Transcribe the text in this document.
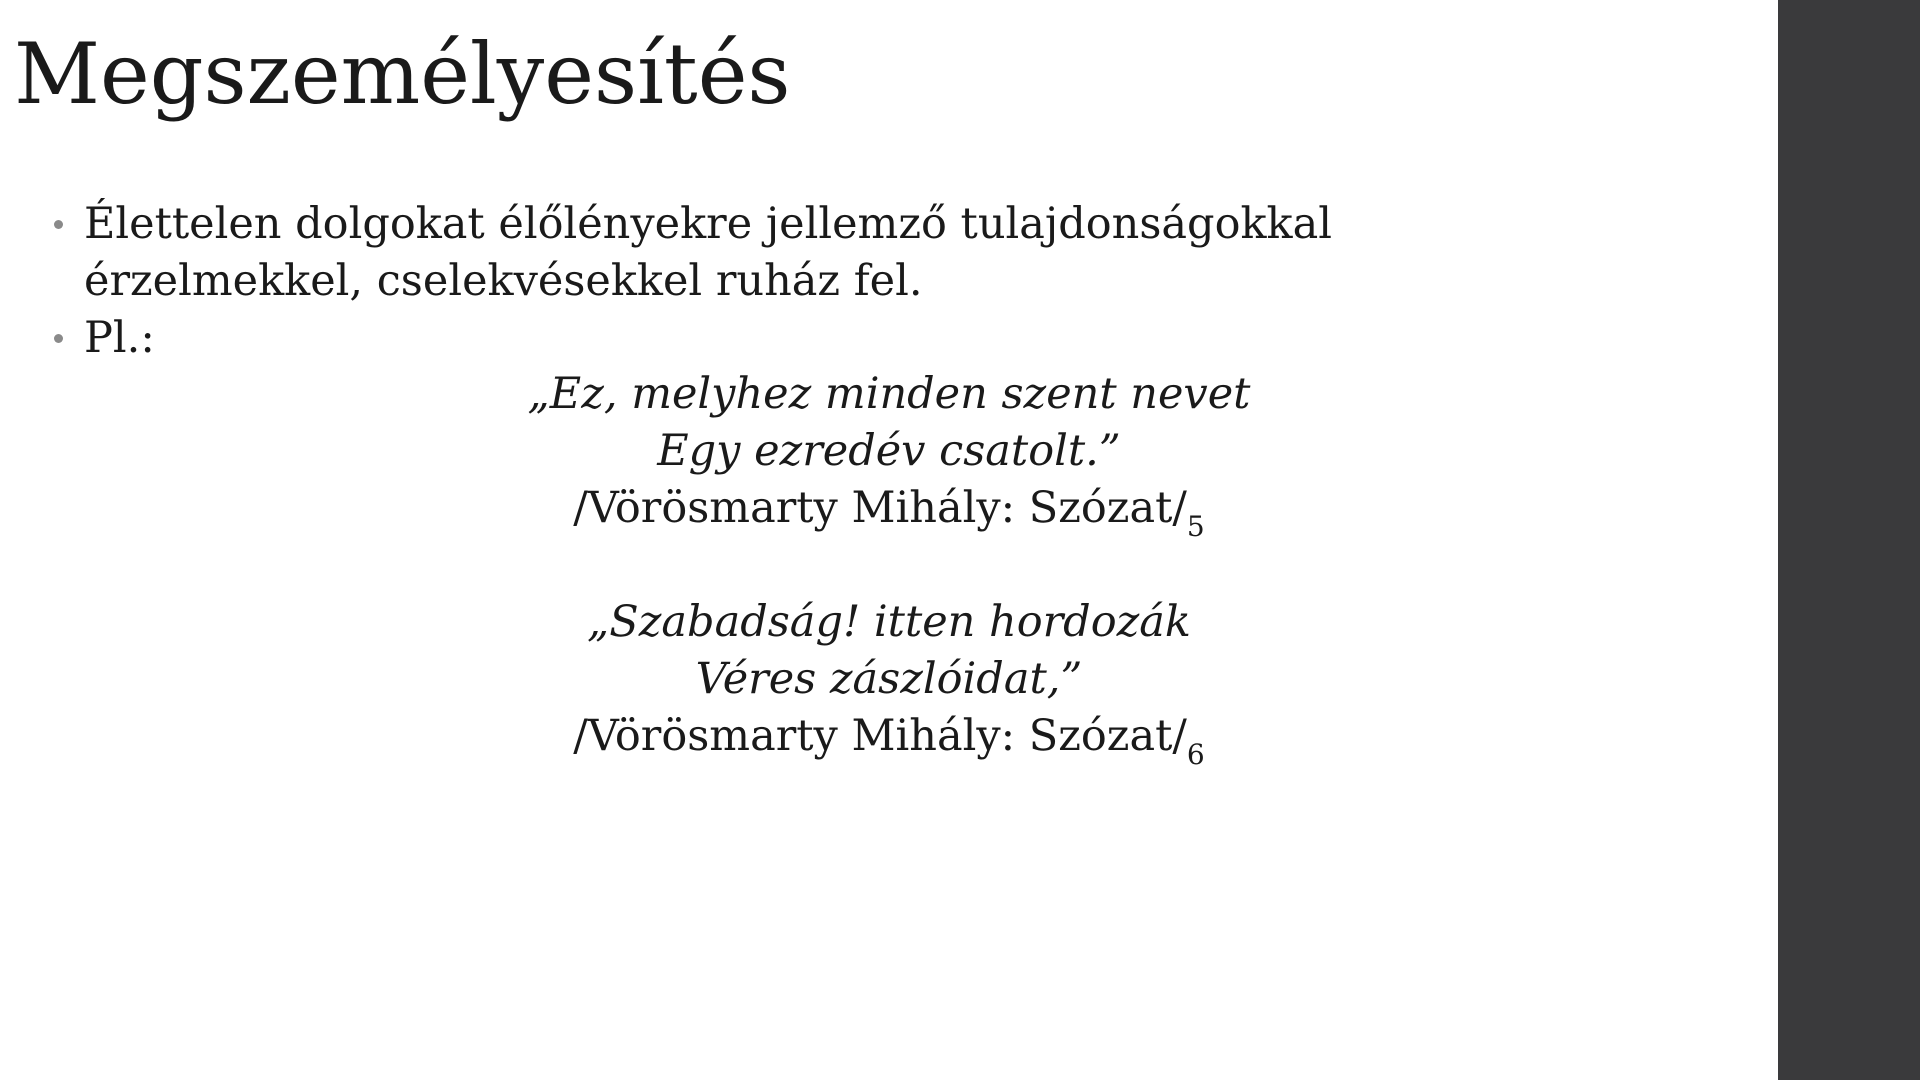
Megszemélyesítés
Élettelen dolgokat élőlényekre jellemző tulajdonságokkal érzelmekkel, cselekvésekkel ruház fel.
Pl.:
„Ez, melyhez minden szent nevet
Egy ezredév csatolt.”
/Vörösmarty Mihály: Szózat/$_5$
„Szabadság! itten hordozák
Véres zászlóidat,”
/Vörösmarty Mihály: Szózat/$_6$
